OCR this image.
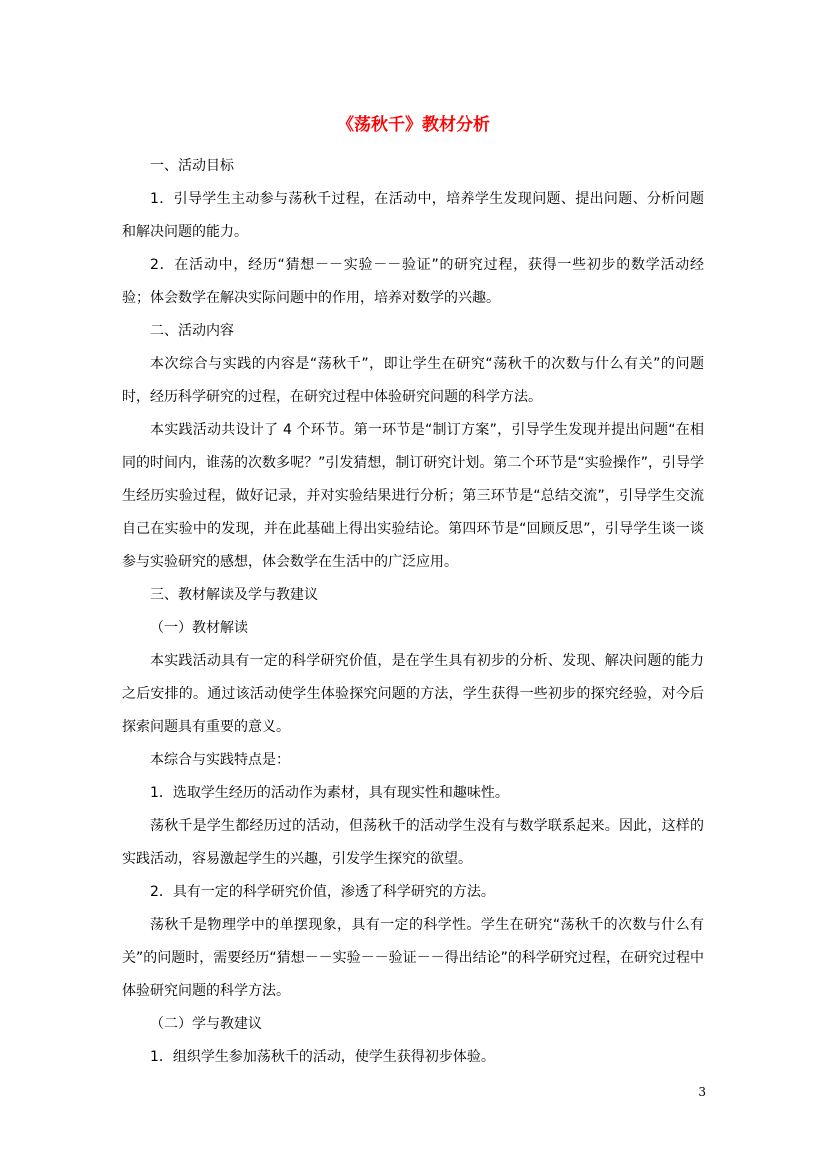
《荡秋千》教材分析

一、活动目标

1．引导学生主动参与荡秋千过程，在活动中，培养学生发现问题、提出问题、分析问题和解决问题的能力。

2．在活动中，经历“猜想－－实验－－验证”的研究过程，获得一些初步的数学活动经验；体会数学在解决实际问题中的作用，培养对数学的兴趣。

二、活动内容

本次综合与实践的内容是“荡秋千”，即让学生在研究“荡秋千的次数与什么有关”的问题时，经历科学研究的过程，在研究过程中体验研究问题的科学方法。

本实践活动共设计了 4 个环节。第一环节是“制订方案”，引导学生发现并提出问题“在相同的时间内，谁荡的次数多呢？”引发猜想，制订研究计划。第二个环节是“实验操作”，引导学生经历实验过程，做好记录，并对实验结果进行分析；第三环节是“总结交流”，引导学生交流自己在实验中的发现，并在此基础上得出实验结论。第四环节是“回顾反思”，引导学生谈一谈参与实验研究的感想，体会数学在生活中的广泛应用。

三、教材解读及学与教建议

（一）教材解读

本实践活动具有一定的科学研究价值，是在学生具有初步的分析、发现、解决问题的能力之后安排的。通过该活动使学生体验探究问题的方法，学生获得一些初步的探究经验，对今后探索问题具有重要的意义。

本综合与实践特点是：

1．选取学生经历的活动作为素材，具有现实性和趣味性。

荡秋千是学生都经历过的活动，但荡秋千的活动学生没有与数学联系起来。因此，这样的实践活动，容易激起学生的兴趣，引发学生探究的欲望。

2．具有一定的科学研究价值，渗透了科学研究的方法。

荡秋千是物理学中的单摆现象，具有一定的科学性。学生在研究“荡秋千的次数与什么有关”的问题时，需要经历“猜想－－实验－－验证－－得出结论”的科学研究过程，在研究过程中体验研究问题的科学方法。

（二）学与教建议

1．组织学生参加荡秋千的活动，使学生获得初步体验。

3
